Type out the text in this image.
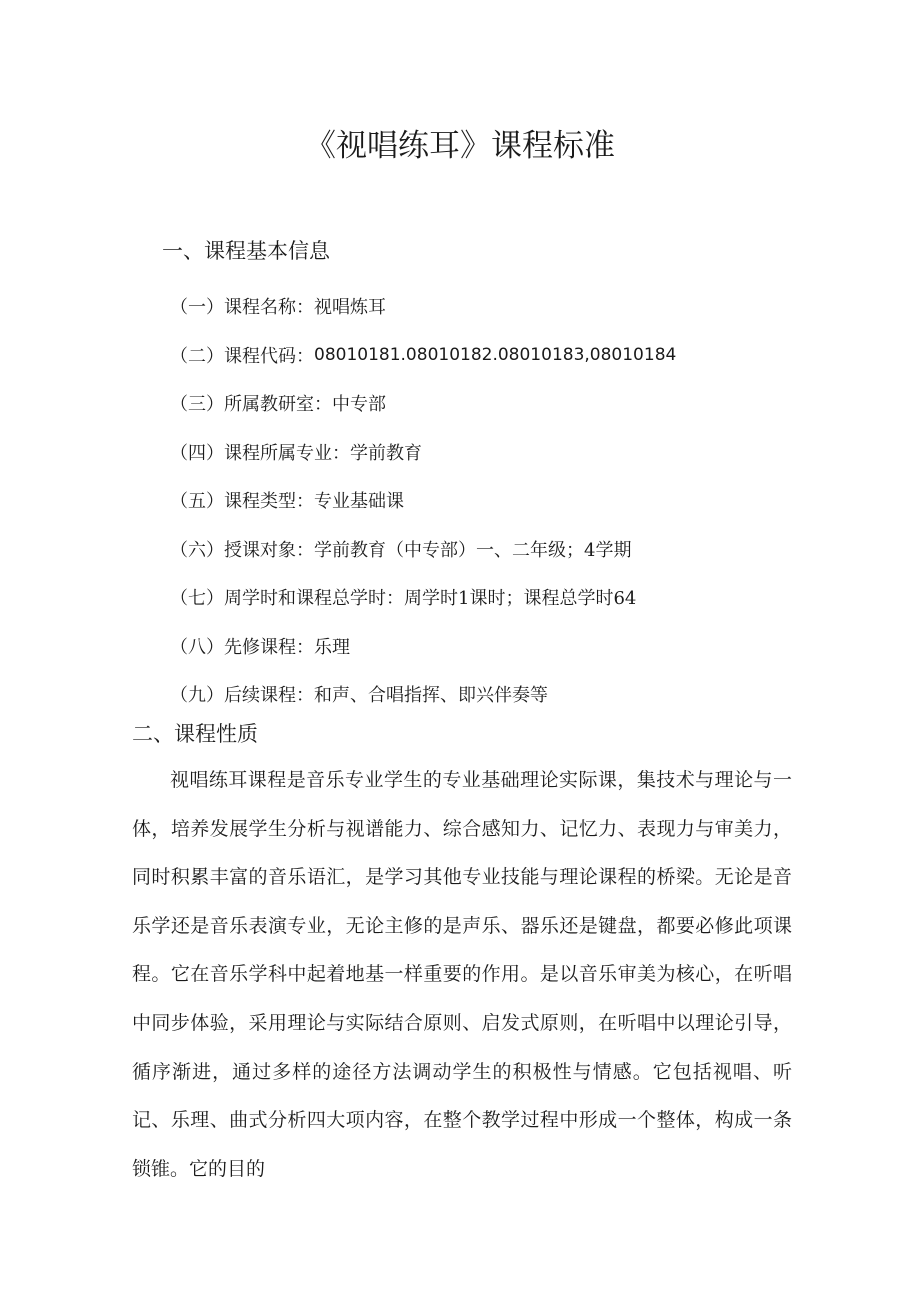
《视唱练耳》课程标准
一、课程基本信息
（一） 课程名称： 视唱炼耳
（二） 课程代码： 08010181.08010182.08010183,08010184
（三） 所属教研室： 中专部
（四） 课程所属专业： 学前教育
（五） 课程类型： 专业基础课
（六） 授课对象： 学前教育（中专部）一、二年级；4学期
（七） 周学时和课程总学时： 周学时1课时；课程总学时64
（八） 先修课程： 乐理
（九） 后续课程： 和声、合唱指挥、即兴伴奏等
二、课程性质

视唱练耳课程是音乐专业学生的专业基础理论实际课，集技术与理论与一体，培养发展学生分析与视谱能力、综合感知力、记忆力、表现力与审美力，同时积累丰富的音乐语汇，是学习其他专业技能与理论课程的桥梁。无论是音乐学还是音乐表演专业，无论主修的是声乐、器乐还是键盘，都要必修此项课程。它在音乐学科中起着地基一样重要的作用。是以音乐审美为核心，在听唱中同步体验，采用理论与实际结合原则、启发式原则，在听唱中以理论引导，循序渐进，通过多样的途径方法调动学生的积极性与情感。它包括视唱、听记、乐理、曲式分析四大项内容，在整个教学过程中形成一个整体，构成一条锁锥。它的目的
